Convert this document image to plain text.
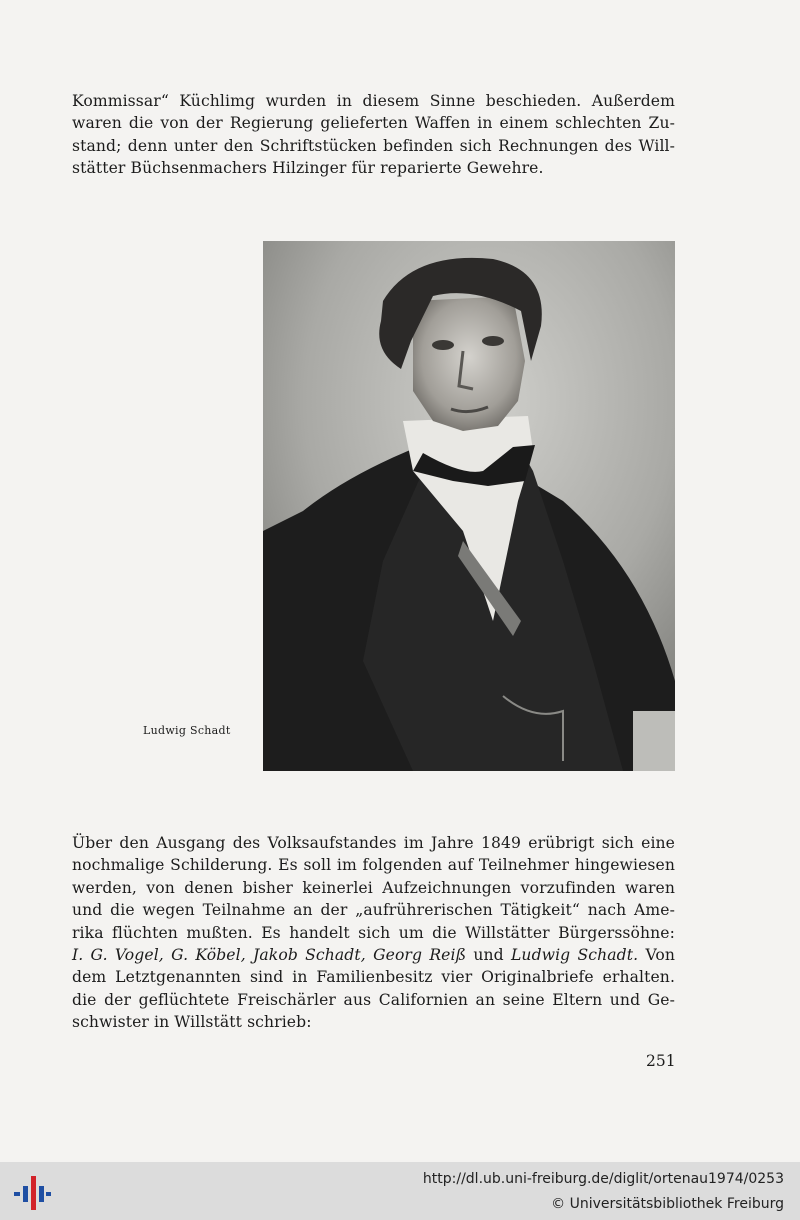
Kommissar“ Küchlimg wurden in diesem Sinne beschieden. Außerdem
waren die von der Regierung gelieferten Waffen in einem schlechten Zu-
stand; denn unter den Schriftstücken befinden sich Rechnungen des Will-
stätter Büchsenmachers Hilzinger für reparierte Gewehre.
Ludwig Schadt
Über den Ausgang des Volksaufstandes im Jahre 1849 erübrigt sich eine
nochmalige Schilderung. Es soll im folgenden auf Teilnehmer hingewiesen
werden, von denen bisher keinerlei Aufzeichnungen vorzufinden waren
und die wegen Teilnahme an der „aufrührerischen Tätigkeit“ nach Ame-
rika flüchten mußten. Es handelt sich um die Willstätter Bürgerssöhne:
I. G. Vogel, G. Köbel, Jakob Schadt, Georg Reiß und Ludwig Schadt. Von
dem Letztgenannten sind in Familienbesitz vier Originalbriefe erhalten.
die der geflüchtete Freischärler aus Californien an seine Eltern und Ge-
schwister in Willstätt schrieb:
251
http://dl.ub.uni-freiburg.de/diglit/ortenau1974/0253
© Universitätsbibliothek Freiburg
